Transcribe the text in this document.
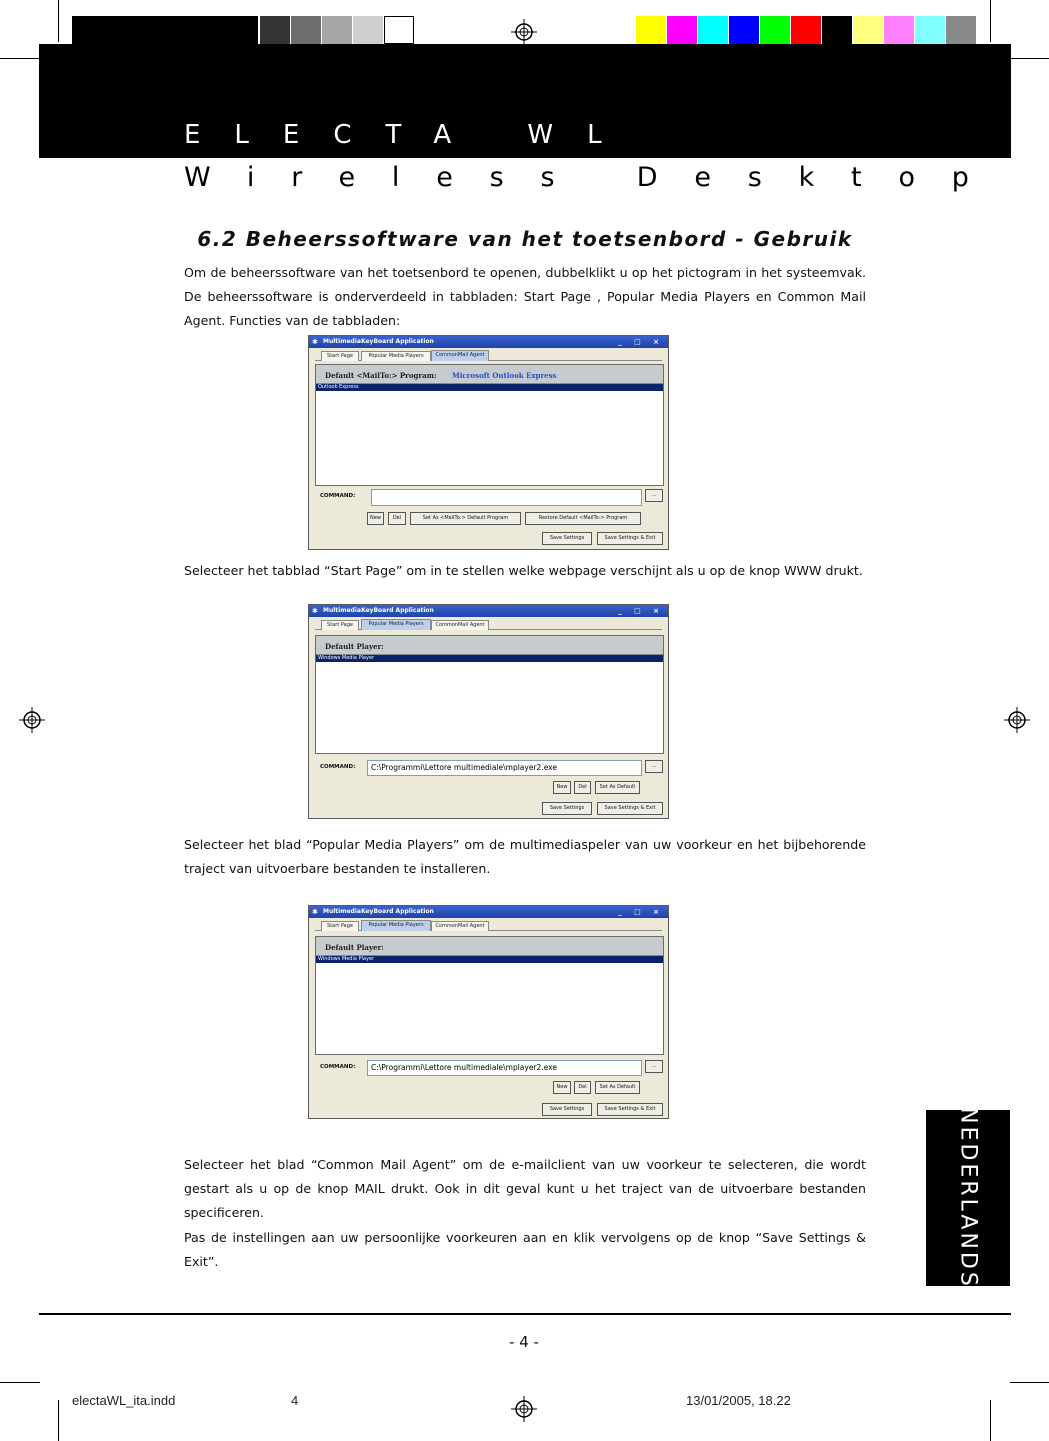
ELECTA WL
Wireless Desktop
6.2 Beheerssoftware van het toetsenbord - Gebruik

Om de beheerssoftware van het toetsenbord te openen, dubbelklikt u op het pictogram in het systeemvak. De beheerssoftware is onderverdeeld in tabbladen: Start Page , Popular Media Players en Common Mail Agent. Functies van de tabbladen:

✱ MultimediaKeyBoard Application	_ □ ×
Start Page	Popular Media Players	CommonMail Agent
Default <MailTo:> Program: Microsoft Outlook Express
Outlook Express
COMMAND:	...
New	Del	Set As <MailTo:> Default Program	Restore Default <MailTo:> Program
Save Settings	Save Settings & Exit

Selecteer het tabblad “Start Page” om in te stellen welke webpage verschijnt als u op de knop WWW drukt.

✱ MultimediaKeyBoard Application	_ □ ×
Start Page	Popular Media Players	CommonMail Agent
Default Player:
Windows Media Player
COMMAND:	C:\Programmi\Lettore multimediale\mplayer2.exe	...
New	Del	Set As Default
Save Settings	Save Settings & Exit

Selecteer het blad “Popular Media Players” om de multimediaspeler van uw voorkeur en het bijbehorende traject van uitvoerbare bestanden te installeren.

✱ MultimediaKeyBoard Application	_ □ ×
Start Page	Popular Media Players	CommonMail Agent
Default Player:
Windows Media Player
COMMAND:	C:\Programmi\Lettore multimediale\mplayer2.exe	...
New	Del	Set As Default
Save Settings	Save Settings & Exit

Selecteer het blad “Common Mail Agent” om de e-mailclient van uw voorkeur te selecteren, die wordt gestart als u op de knop MAIL drukt. Ook in dit geval kunt u het traject van de uitvoerbare bestanden specificeren.

Pas de instellingen aan uw persoonlijke voorkeuren aan en klik vervolgens op de knop “Save Settings & Exit”.	NEDERLANDS
- 4 -
electaWL_ita.indd	4	13/01/2005, 18.22
